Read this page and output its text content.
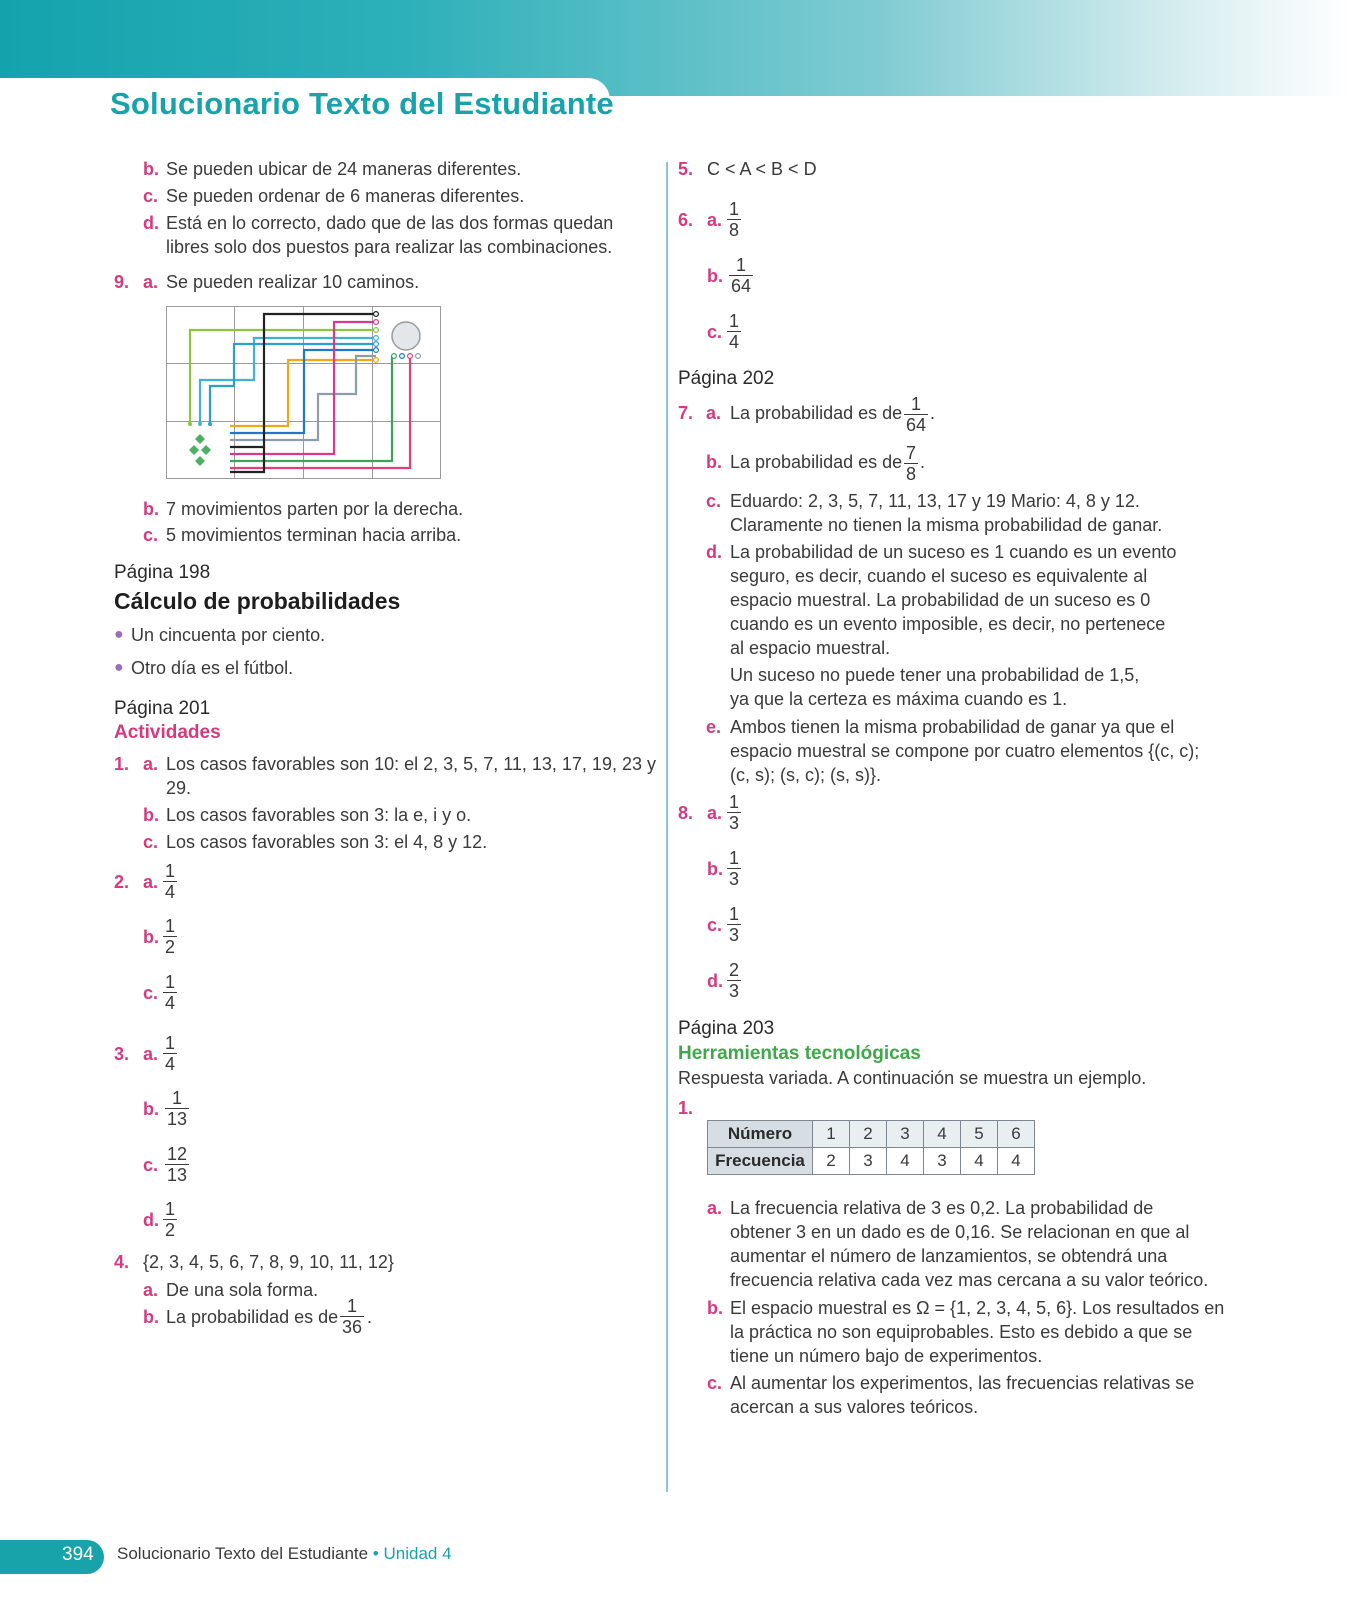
Solucionario Texto del Estudiante
b. Se pueden ubicar de 24 maneras diferentes.
c. Se pueden ordenar de 6 maneras diferentes.
d. Está en lo correcto, dado que de las dos formas quedan
libres solo dos puestos para realizar las combinaciones.
9. a. Se pueden realizar 10 caminos.
b. 7 movimientos parten por la derecha.
c. 5 movimientos terminan hacia arriba.
Página 198
Cálculo de probabilidades
● Un cincuenta por ciento.
● Otro día es el fútbol.
Página 201
Actividades
1. a. Los casos favorables son 10: el 2, 3, 5, 7, 11, 13, 17, 19, 23 y
29.
b. Los casos favorables son 3: la e, i y o.
c. Los casos favorables son 3: el 4, 8 y 12.
2. a. $\frac{1}{4}$
b. $\frac{1}{2}$
c. $\frac{1}{4}$
3. a. $\frac{1}{4}$
b. $\frac{1}{13}$
c. $\frac{12}{13}$
d. $\frac{1}{2}$
4. {2, 3, 4, 5, 6, 7, 8, 9, 10, 11, 12}
a. De una sola forma.
b. La probabilidad es de $\frac{1}{36}$ .
5. C < A < B < D
6. a. $\frac{1}{8}$
b. $\frac{1}{64}$
c. $\frac{1}{4}$
Página 202
7. a. La probabilidad es de $\frac{1}{64}$ .
b. La probabilidad es de $\frac{7}{8}$ .
c. Eduardo: 2, 3, 5, 7, 11, 13, 17 y 19 Mario: 4, 8 y 12.
Claramente no tienen la misma probabilidad de ganar.
d. La probabilidad de un suceso es 1 cuando es un evento
seguro, es decir, cuando el suceso es equivalente al
espacio muestral. La probabilidad de un suceso es 0
cuando es un evento imposible, es decir, no pertenece
al espacio muestral.
Un suceso no puede tener una probabilidad de 1,5,
ya que la certeza es máxima cuando es 1.
e. Ambos tienen la misma probabilidad de ganar ya que el
espacio muestral se compone por cuatro elementos {(c, c);
(c, s); (s, c); (s, s)}.
8. a. $\frac{1}{3}$
b. $\frac{1}{3}$
c. $\frac{1}{3}$
d. $\frac{2}{3}$
Página 203
Herramientas tecnológicas
Respuesta variada. A continuación se muestra un ejemplo.
1.
Número	1	2	3	4	5	6
Frecuencia	2	3	4	3	4	4
a. La frecuencia relativa de 3 es 0,2. La probabilidad de
obtener 3 en un dado es de 0,16. Se relacionan en que al
aumentar el número de lanzamientos, se obtendrá una
frecuencia relativa cada vez mas cercana a su valor teórico.
b. El espacio muestral es Ω = {1, 2, 3, 4, 5, 6}. Los resultados en
la práctica no son equiprobables. Esto es debido a que se
tiene un número bajo de experimentos.
c. Al aumentar los experimentos, las frecuencias relativas se
acercan a sus valores teóricos.
394 Solucionario Texto del Estudiante • Unidad 4
